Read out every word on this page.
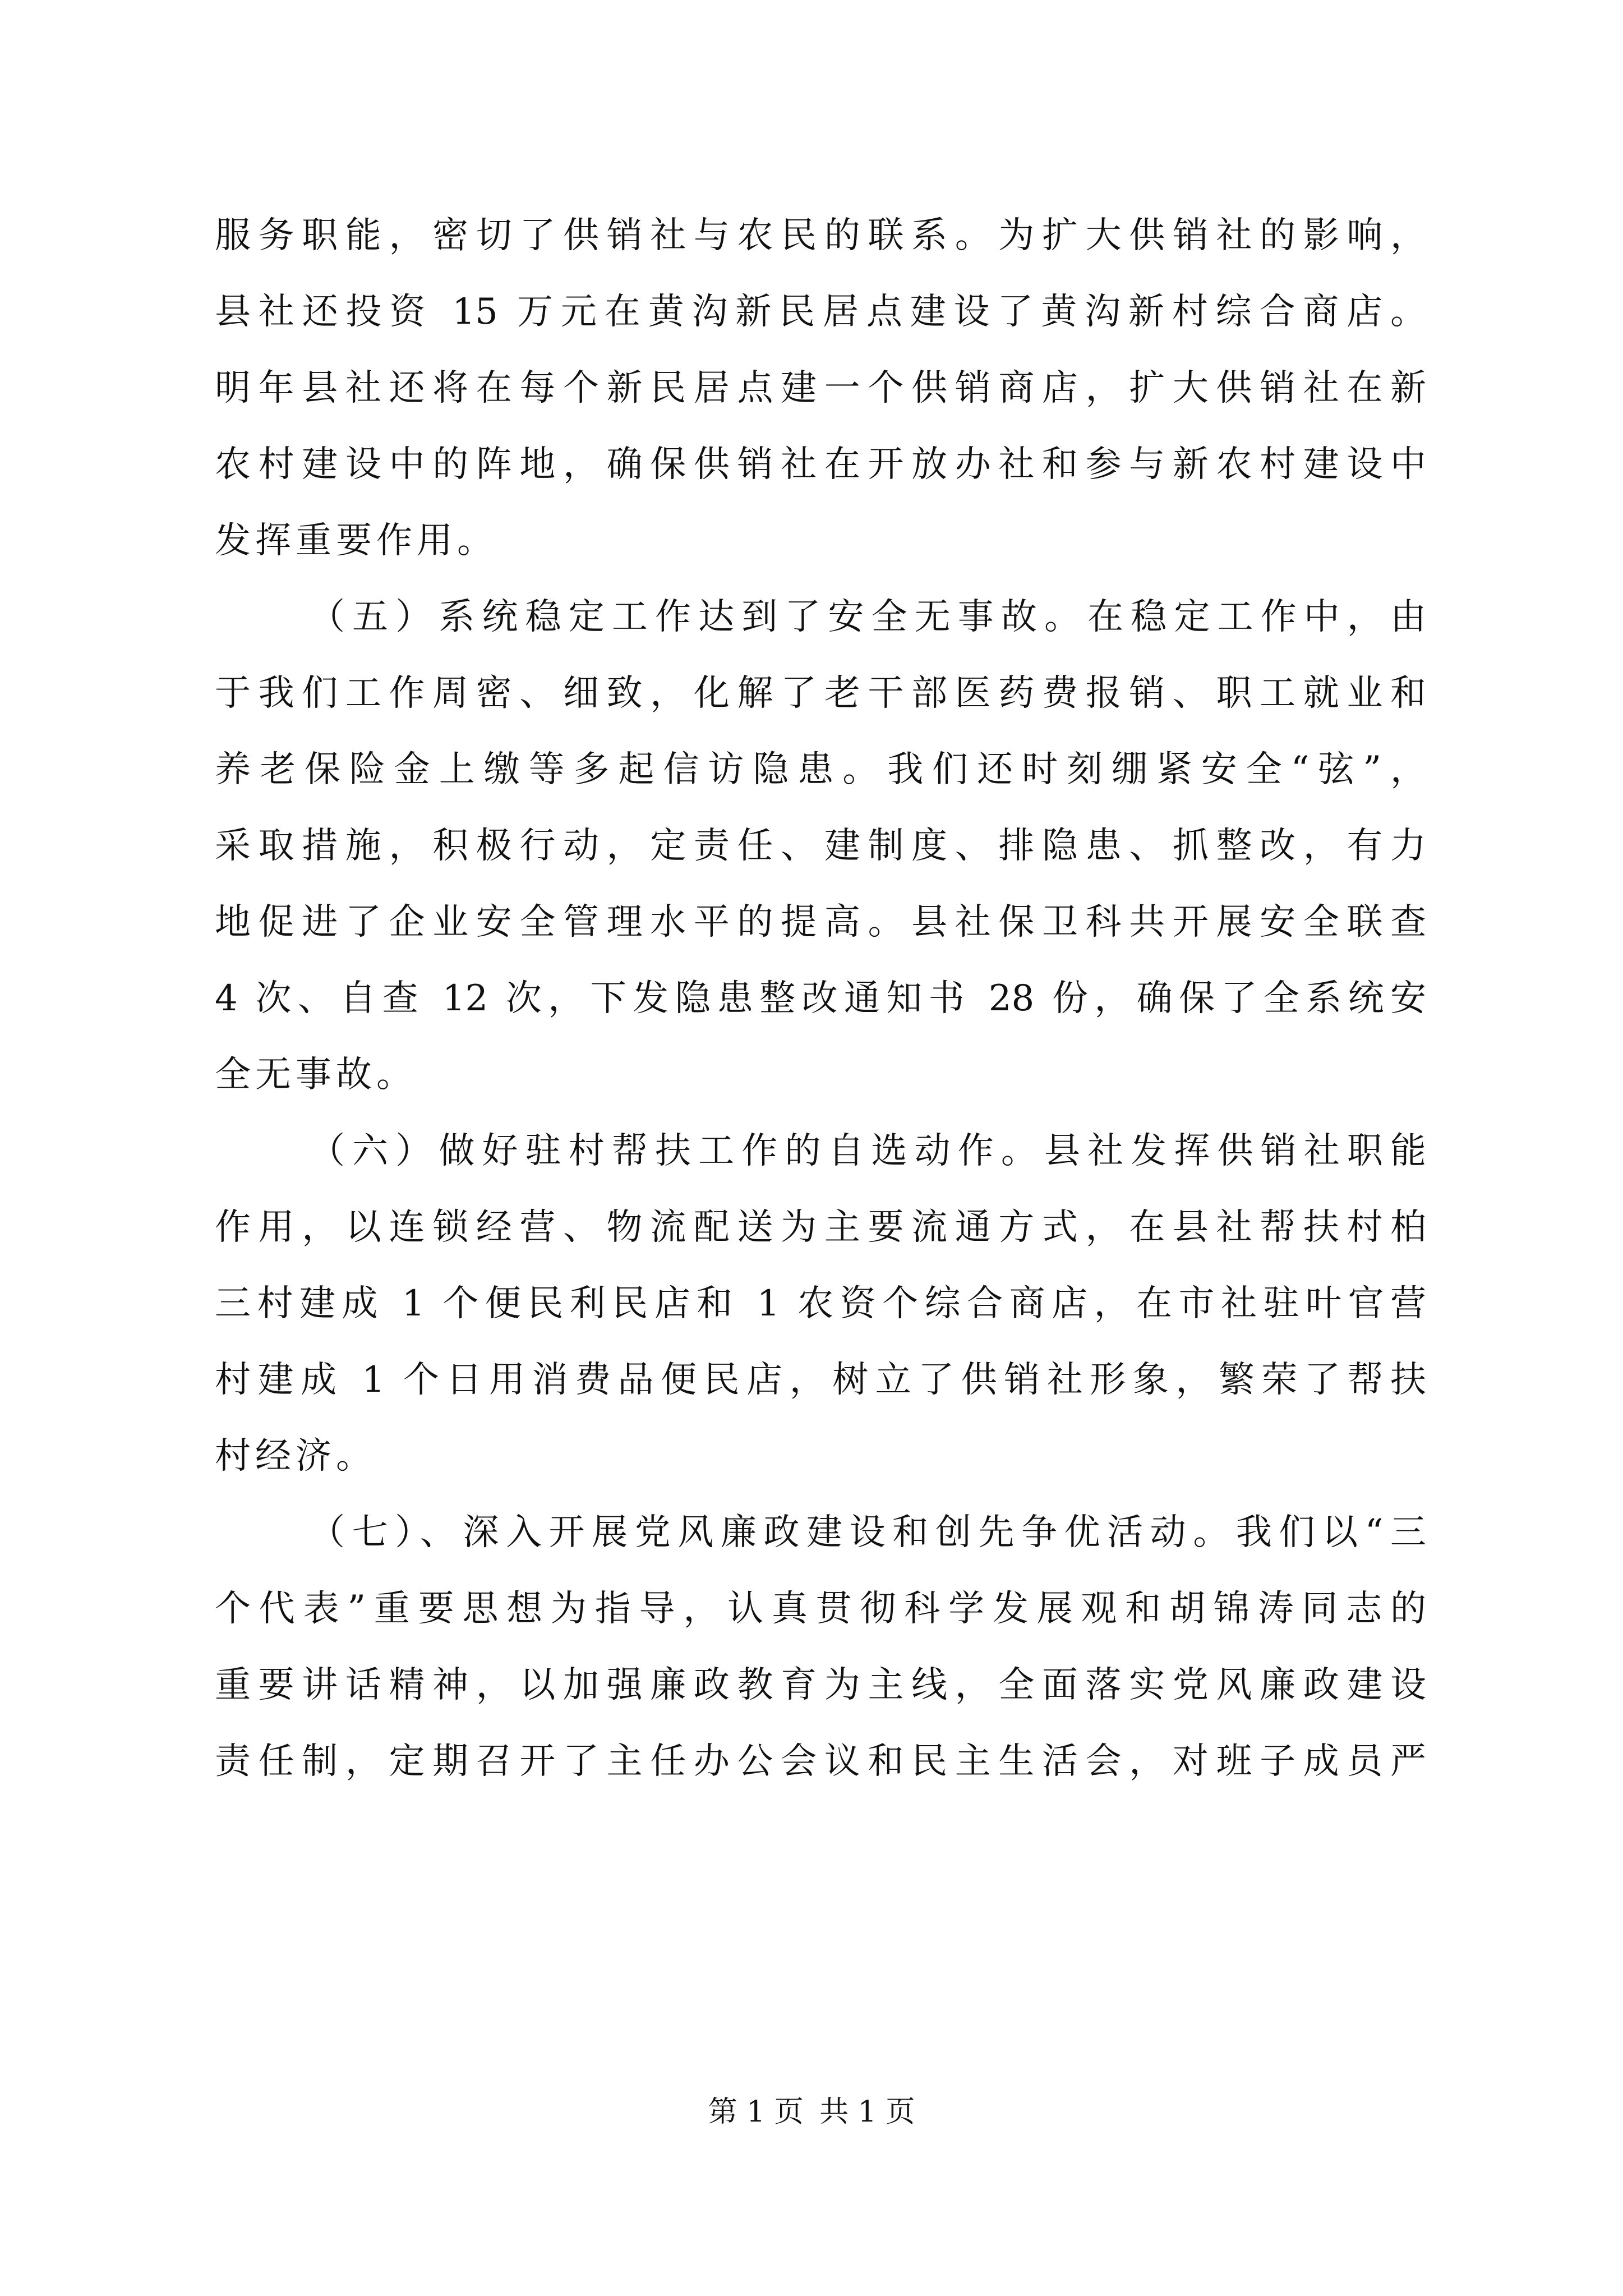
服务职能，密切了供销社与农民的联系。为扩大供销社的影响，
县社还投资 15 万元在黄沟新民居点建设了黄沟新村综合商店。
明年县社还将在每个新民居点建一个供销商店，扩大供销社在新
农村建设中的阵地，确保供销社在开放办社和参与新农村建设中
发挥重要作用。
（五）系统稳定工作达到了安全无事故。在稳定工作中，由
于我们工作周密、细致，化解了老干部医药费报销、职工就业和
养老保险金上缴等多起信访隐患。我们还时刻绷紧安全“弦”，
采取措施，积极行动，定责任、建制度、排隐患、抓整改，有力
地促进了企业安全管理水平的提高。县社保卫科共开展安全联查
4 次、自查 12 次，下发隐患整改通知书 28 份，确保了全系统安
全无事故。
（六）做好驻村帮扶工作的自选动作。县社发挥供销社职能
作用，以连锁经营、物流配送为主要流通方式，在县社帮扶村柏
三村建成 1 个便民利民店和 1 农资个综合商店，在市社驻叶官营
村建成 1 个日用消费品便民店，树立了供销社形象，繁荣了帮扶
村经济。
（七）、深入开展党风廉政建设和创先争优活动。我们以“三
个代表”重要思想为指导，认真贯彻科学发展观和胡锦涛同志的
重要讲话精神，以加强廉政教育为主线，全面落实党风廉政建设
责任制，定期召开了主任办公会议和民主生活会，对班子成员严
第 1 页 共 1 页
